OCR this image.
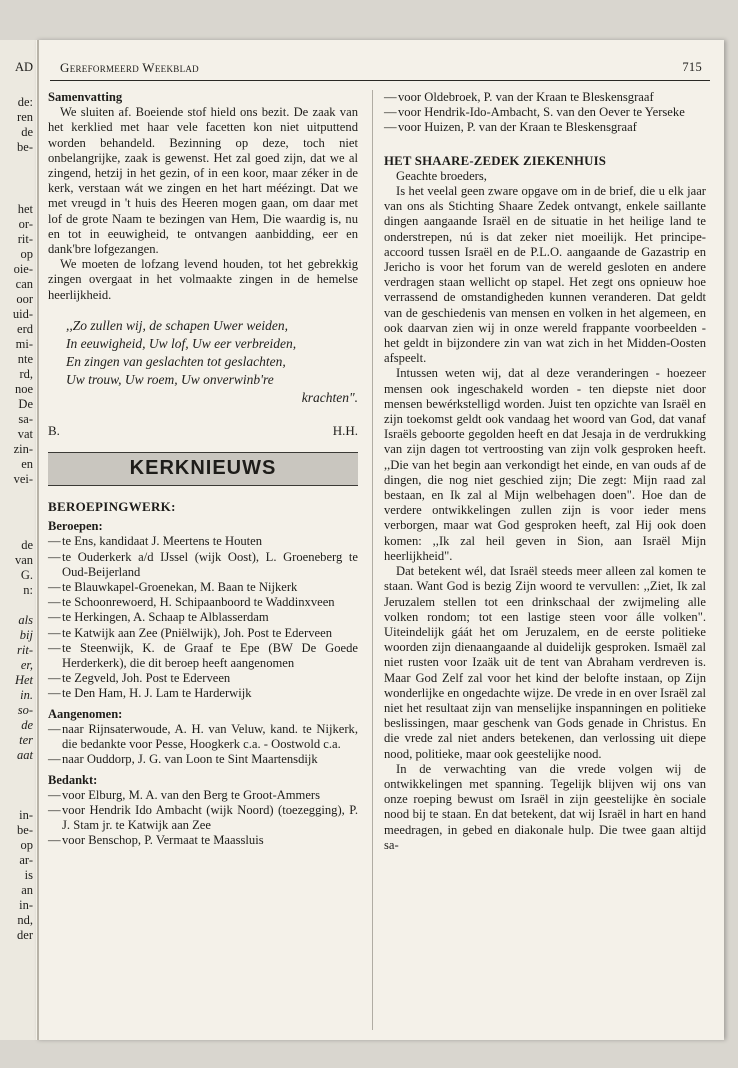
AD
de:
ren
de
be-
het
or-
rit-
op
oie-
can
oor
uid-
erd
mi-
nte
rd,
noe
De
sa-
vat
zin-
en
vei-
de
van
G.
n:
als
bij
rit-
er,
Het
in.
so-
de
ter
aat
in-
be-
op
ar-
is
an
in-
nd,
der
Gereformeerd Weekblad	715
Samenvatting

We sluiten af. Boeiende stof hield ons bezit. De zaak van het kerklied met haar vele facetten kon niet uitputtend worden behandeld. Bezinning op deze, toch niet onbelangrijke, zaak is gewenst. Het zal goed zijn, dat we al zingend, hetzij in het gezin, of in een koor, maar zéker in de kerk, verstaan wát we zingen en het hart méézingt. Dat we met vreugd in 't huis des Heeren mogen gaan, om daar met lof de grote Naam te bezingen van Hem, Die waardig is, nu en tot in eeuwigheid, te ontvangen aanbidding, eer en dank'bre lofgezangen.

We moeten de lofzang levend houden, tot het gebrekkig zingen overgaat in het volmaakte zingen in de hemelse heerlijkheid.

,,Zo zullen wij, de schapen Uwer weiden,
In eeuwigheid, Uw lof, Uw eer verbreiden,
En zingen van geslachten tot geslachten,
Uw trouw, Uw roem, Uw onverwinb're
krachten".
B.	H.H.
KERKNIEUWS
BEROEPINGWERK:
Beroepen:
— te Ens, kandidaat J. Meertens te Houten
— te Ouderkerk a/d IJssel (wijk Oost), L. Groeneberg te Oud-Beijerland
— te Blauwkapel-Groenekan, M. Baan te Nijkerk
— te Schoonrewoerd, H. Schipaanboord te Waddinxveen
— te Herkingen, A. Schaap te Alblasserdam
— te Katwijk aan Zee (Pniëlwijk), Joh. Post te Ederveen
— te Steenwijk, K. de Graaf te Epe (BW De Goede Herderkerk), die dit beroep heeft aangenomen
— te Zegveld, Joh. Post te Ederveen
— te Den Ham, H. J. Lam te Harderwijk
Aangenomen:
— naar Rijnsaterwoude, A. H. van Veluw, kand. te Nijkerk, die bedankte voor Pesse, Hoogkerk c.a. - Oostwold c.a.
— naar Ouddorp, J. G. van Loon te Sint Maartensdijk
Bedankt:
— voor Elburg, M. A. van den Berg te Groot-Ammers
— voor Hendrik Ido Ambacht (wijk Noord) (toezegging), P. J. Stam jr. te Katwijk aan Zee
— voor Benschop, P. Vermaat te Maassluis
— voor Oldebroek, P. van der Kraan te Bleskensgraaf
— voor Hendrik-Ido-Ambacht, S. van den Oever te Yerseke
— voor Huizen, P. van der Kraan te Bleskensgraaf
HET SHAARE-ZEDEK ZIEKENHUIS
Geachte broeders,

Is het veelal geen zware opgave om in de brief, die u elk jaar van ons als Stichting Shaare Zedek ontvangt, enkele saillante dingen aangaande Israël en de situatie in het heilige land te onderstrepen, nú is dat zeker niet moeilijk. Het principe-accoord tussen Israël en de P.L.O. aangaande de Gazastrip en Jericho is voor het forum van de wereld gesloten en andere verdragen staan wellicht op stapel. Het zegt ons opnieuw hoe verrassend de omstandigheden kunnen veranderen. Dat geldt van de geschiedenis van mensen en volken in het algemeen, en ook daarvan zien wij in onze wereld frappante voorbeelden - het geldt in bijzondere zin van wat zich in het Midden-Oosten afspeelt.

Intussen weten wij, dat al deze veranderingen - hoezeer mensen ook ingeschakeld worden - ten diepste niet door mensen bewérkstelligd worden. Juist ten opzichte van Israël en zijn toekomst geldt ook vandaag het woord van God, dat vanaf Israëls geboorte gegolden heeft en dat Jesaja in de verdrukking van zijn dagen tot vertroosting van zijn volk gesproken heeft. ,,Die van het begin aan verkondigt het einde, en van ouds af de dingen, die nog niet geschied zijn; Die zegt: Mijn raad zal bestaan, en Ik zal al Mijn welbehagen doen". Hoe dan de verdere ontwikkelingen zullen zijn is voor ieder mens verborgen, maar wat God gesproken heeft, zal Hij ook doen komen: ,,Ik zal heil geven in Sion, aan Israël Mijn heerlijkheid".

Dat betekent wél, dat Israël steeds meer alleen zal komen te staan. Want God is bezig Zijn woord te vervullen: ,,Ziet, Ik zal Jeruzalem stellen tot een drinkschaal der zwijmeling alle volken rondom; tot een lastige steen voor álle volken". Uiteindelijk gáát het om Jeruzalem, en de eerste politieke woorden zijn dienaangaande al duidelijk gesproken. Ismaël zal niet rusten voor Izaäk uit de tent van Abraham verdreven is. Maar God Zelf zal voor het kind der belofte instaan, op Zijn wonderlijke en ongedachte wijze. De vrede in en over Israël zal niet het resultaat zijn van menselijke inspanningen en politieke beslissingen, maar geschenk van Gods genade in Christus. En die vrede zal niet anders betekenen, dan verlossing uit diepe nood, politieke, maar ook geestelijke nood.

In de verwachting van die vrede volgen wij de ontwikkelingen met spanning. Tegelijk blijven wij ons van onze roeping bewust om Israël in zijn geestelijke èn sociale nood bij te staan. En dat betekent, dat wij Israël in hart en hand meedragen, in gebed en diakonale hulp. Die twee gaan altijd sa-
